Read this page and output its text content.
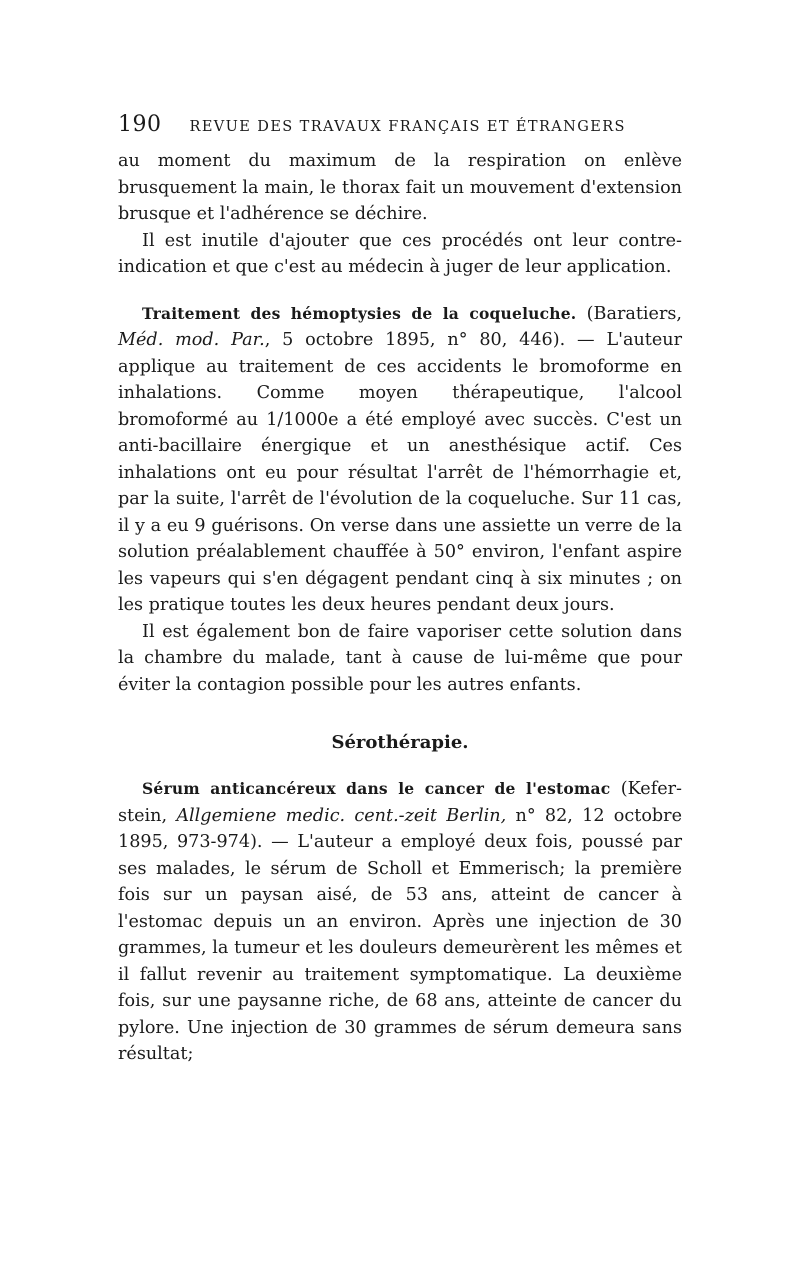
190 REVUE DES TRAVAUX FRANÇAIS ET ÉTRANGERS

au moment du maximum de la respiration on enlève brusquement la main, le thorax fait un mouvement d'extension brusque et l'adhérence se déchire.

Il est inutile d'ajouter que ces procédés ont leur contre-indication et que c'est au médecin à juger de leur application.

Traitement des hémoptysies de la coqueluche. (Baratiers, Méd. mod. Par., 5 octobre 1895, n° 80, 446). — L'auteur applique au traitement de ces accidents le bromoforme en inhalations. Comme moyen thérapeutique, l'alcool bromoformé au 1/1000e a été employé avec succès. C'est un anti-bacillaire énergique et un anesthésique actif. Ces inhalations ont eu pour résultat l'arrêt de l'hémorrhagie et, par la suite, l'arrêt de l'évolution de la coqueluche. Sur 11 cas, il y a eu 9 guérisons. On verse dans une assiette un verre de la solution préalablement chauffée à 50° environ, l'enfant aspire les vapeurs qui s'en dégagent pendant cinq à six minutes ; on les pratique toutes les deux heures pendant deux jours.

Il est également bon de faire vaporiser cette solution dans la chambre du malade, tant à cause de lui-même que pour éviter la contagion possible pour les autres enfants.

Sérothérapie.

Sérum anticancéreux dans le cancer de l'estomac (Kefer-stein, Allgemiene medic. cent.-zeit Berlin, n° 82, 12 octobre 1895, 973-974). — L'auteur a employé deux fois, poussé par ses malades, le sérum de Scholl et Emmerisch; la première fois sur un paysan aisé, de 53 ans, atteint de cancer à l'estomac depuis un an environ. Après une injection de 30 grammes, la tumeur et les douleurs demeurèrent les mêmes et il fallut revenir au traitement symptomatique. La deuxième fois, sur une paysanne riche, de 68 ans, atteinte de cancer du pylore. Une injection de 30 grammes de sérum demeura sans résultat;
